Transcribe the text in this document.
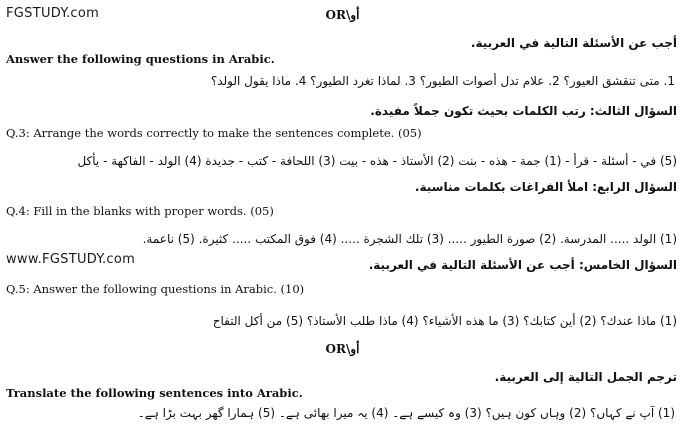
FGSTUDY.com	OR\أو
أجب عن الأسئلة التالية في العربية.
Answer the following questions in Arabic.
1. متى تنقشق العيور؟ 2. علام تدل أصوات الطيور؟ 3. لماذا تغرد الطيور؟ 4. ماذا يقول الولد؟
السؤال الثالث: رتب الكلمات بحيث تكون جملاً مفيدة.
Q.3: Arrange the words correctly to make the sentences complete. (05)
(5) في - أسئلة - قرأ - (1) جمة - هذه - بنت (2) الأستاذ - هذه - بيت (3) اللحافة - كتب - جديدة (4) الولد - الفاكهة - يأكل
السؤال الرابع: املأ الفراغات بكلمات مناسبة.
Q.4: Fill in the blanks with proper words. (05)
(1) الولد ..... المدرسة. (2) صورة الطيور ..... (3) تلك الشجرة ..... (4) فوق المكتب ..... كثيرة. (5) ناعمة.
www.FGSTUDY.com	السؤال الخامس: أجب عن الأسئلة التالية في العربية.
Q.5: Answer the following questions in Arabic. (10)
(1) ماذا عندك؟ (2) أين كتابك؟ (3) ما هذه الأشياء؟ (4) ماذا طلب الأستاذ؟ (5) من أكل التفاح
OR\أو
ترجم الجمل التالية إلى العربية.
Translate the following sentences into Arabic.
(1) آپ نے کہاں؟ (2) وہاں کون ہیں؟ (3) وہ کیسے ہے۔ (4) یہ میرا بھائی ہے۔ (5) ہمارا گھر بہت بڑا ہے۔
